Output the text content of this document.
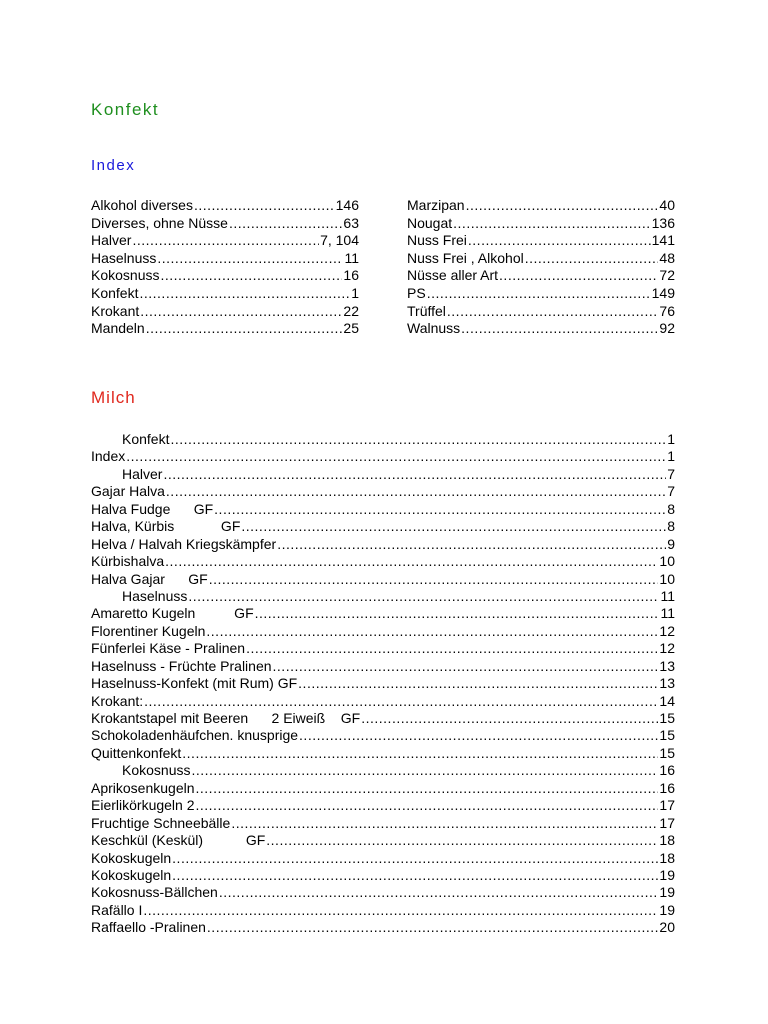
Konfekt
Index
Alkohol diverses .....	146
Diverses, ohne Nüsse .....	63
Halver .....	7, 104
Haselnuss .....	11
Kokosnuss .....	16
Konfekt .....	1
Krokant .....	22
Mandeln .....	25
Marzipan .....	40
Nougat .....	136
Nuss Frei .....	141
Nuss Frei , Alkohol .....	48
Nüsse aller Art .....	72
PS .....	149
Trüffel .....	76
Walnuss .....	92
Milch
Konfekt .....	1
Index .....	1
Halver .....	7
Gajar Halva .....	7
Halva Fudge      GF .....	8
Halva, Kürbis            GF .....	8
Helva / Halvah Kriegskämpfer .....	9
Kürbishalva .....	10
Halva Gajar      GF .....	10
Haselnuss .....	11
Amaretto Kugeln          GF .....	11
Florentiner Kugeln .....	12
Fünferlei Käse - Pralinen .....	12
Haselnuss - Früchte Pralinen .....	13
Haselnuss-Konfekt (mit Rum) GF .....	13
Krokant: .....	14
Krokantstapel mit Beeren      2 Eiweiß    GF .....	15
Schokoladenhäufchen. knusprige .....	15
Quittenkonfekt .....	15
Kokosnuss .....	16
Aprikosenkugeln .....	16
Eierlikörkugeln 2 .....	17
Fruchtige Schneebälle .....	17
Keschkül (Keskül)           GF .....	18
Kokoskugeln .....	18
Kokoskugeln .....	19
Kokosnuss-Bällchen .....	19
Rafällo I .....	19
Raffaello -Pralinen .....	20
